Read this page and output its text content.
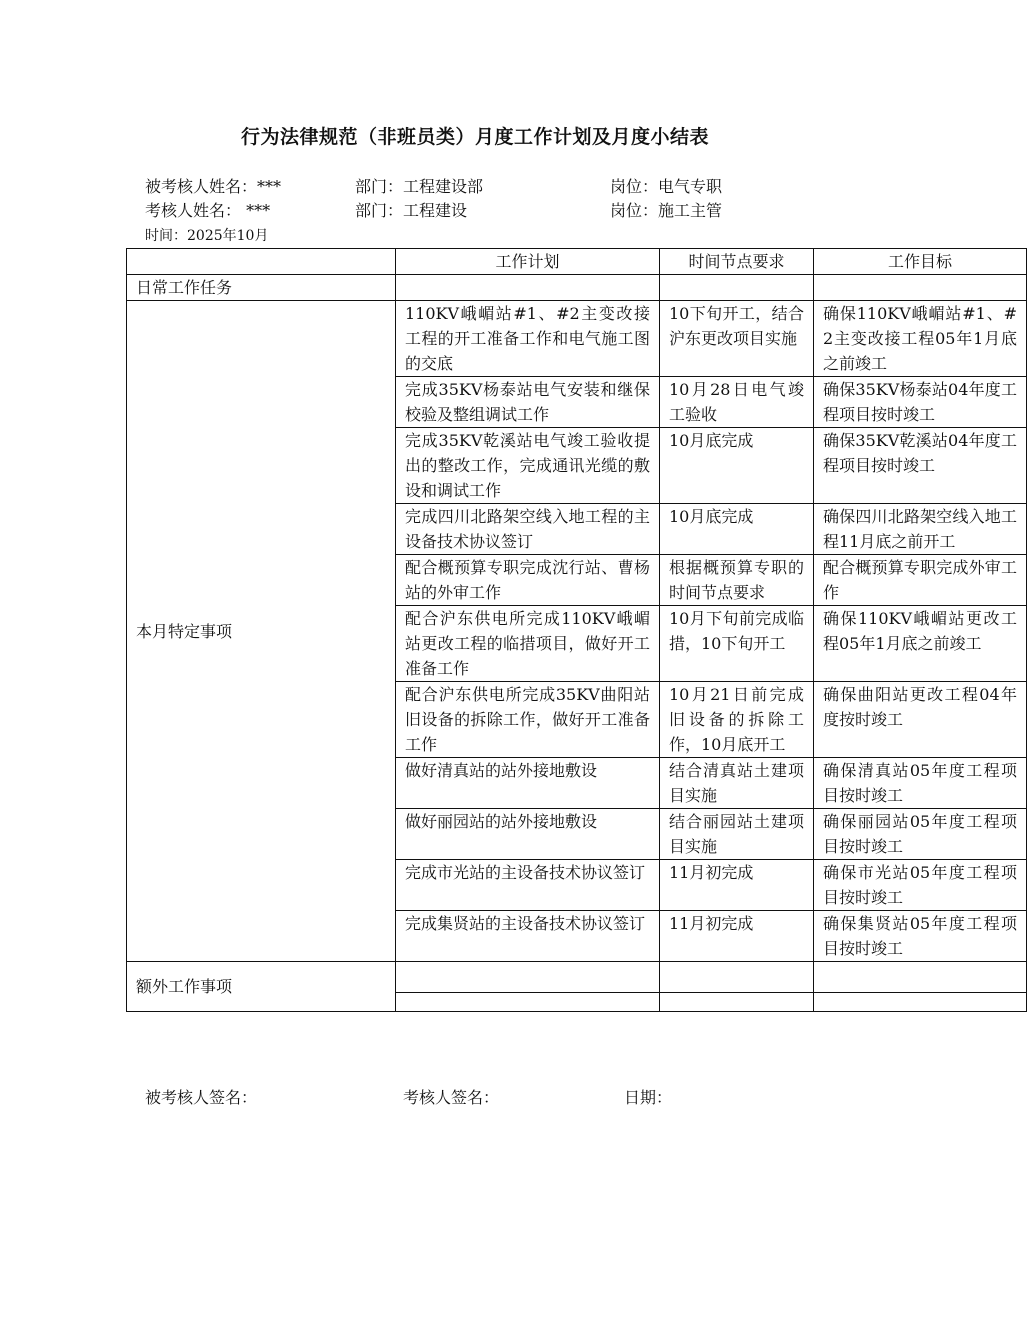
行为法律规范（非班员类）月度工作计划及月度小结表
被考核人姓名：***	部门：工程建设部	岗位：电气专职
考核人姓名： ***	部门：工程建设	岗位：施工主管
时间：2025年10月
	工作计划	时间节点要求	工作目标
日常工作任务			
本月特定事项	110KV峨嵋站#1、#2主变改接工程的开工准备工作和电气施工图的交底	10下旬开工，结合沪东更改项目实施	确保110KV峨嵋站#1、#2主变改接工程05年1月底之前竣工
	完成35KV杨泰站电气安装和继保校验及整组调试工作	10月28日电气竣工验收	确保35KV杨泰站04年度工程项目按时竣工
	完成35KV乾溪站电气竣工验收提出的整改工作，完成通讯光缆的敷设和调试工作	10月底完成	确保35KV乾溪站04年度工程项目按时竣工
	完成四川北路架空线入地工程的主设备技术协议签订	10月底完成	确保四川北路架空线入地工程11月底之前开工
	配合概预算专职完成沈行站、曹杨站的外审工作	根据概预算专职的时间节点要求	配合概预算专职完成外审工作
	配合沪东供电所完成110KV峨嵋站更改工程的临措项目，做好开工准备工作	10月下旬前完成临措，10下旬开工	确保110KV峨嵋站更改工程05年1月底之前竣工
	配合沪东供电所完成35KV曲阳站旧设备的拆除工作，做好开工准备工作	10月21日前完成旧设备的拆除工作，10月底开工	确保曲阳站更改工程04年度按时竣工
	做好清真站的站外接地敷设	结合清真站土建项目实施	确保清真站05年度工程项目按时竣工
	做好丽园站的站外接地敷设	结合丽园站土建项目实施	确保丽园站05年度工程项目按时竣工
	完成市光站的主设备技术协议签订	11月初完成	确保市光站05年度工程项目按时竣工
	完成集贤站的主设备技术协议签订	11月初完成	确保集贤站05年度工程项目按时竣工
额外工作事项			

被考核人签名：	考核人签名：	日期：
